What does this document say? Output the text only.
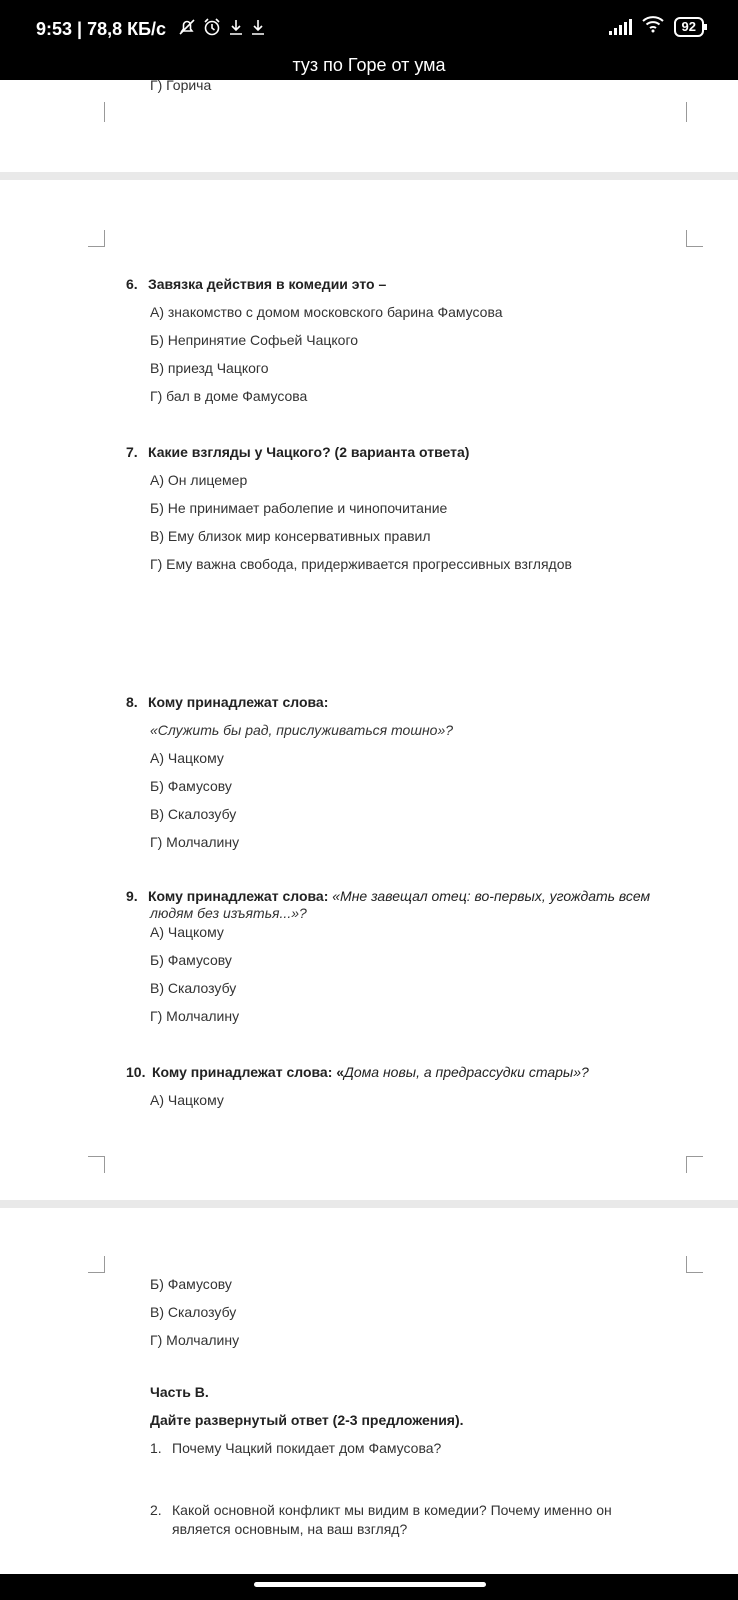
9:53 | 78,8 КБ/с	92
туз по Горе от ума
Г) Горича
6. Завязка действия в комедии это –
А) знакомство с домом московского барина Фамусова
Б) Непринятие Софьей Чацкого
В) приезд Чацкого
Г) бал в доме Фамусова
7. Какие взгляды у Чацкого? (2 варианта ответа)
А) Он лицемер
Б) Не принимает раболепие и чинопочитание
В) Ему близок мир консервативных правил
Г) Ему важна свобода, придерживается прогрессивных взглядов
8. Кому принадлежат слова:
«Служить бы рад, прислуживаться тошно»?
А) Чацкому
Б) Фамусову
В) Скалозубу
Г) Молчалину
9. Кому принадлежат слова: «Мне завещал отец: во-первых, угождать всем
людям без изъятья...»?
А) Чацкому
Б) Фамусову
В) Скалозубу
Г) Молчалину
10. Кому принадлежат слова: «Дома новы, а предрассудки стары»?
А) Чацкому
Б) Фамусову
В) Скалозубу
Г) Молчалину
Часть В.
Дайте развернутый ответ (2-3 предложения).
1. Почему Чацкий покидает дом Фамусова?
2. Какой основной конфликт мы видим в комедии? Почему именно он
является основным, на ваш взгляд?
